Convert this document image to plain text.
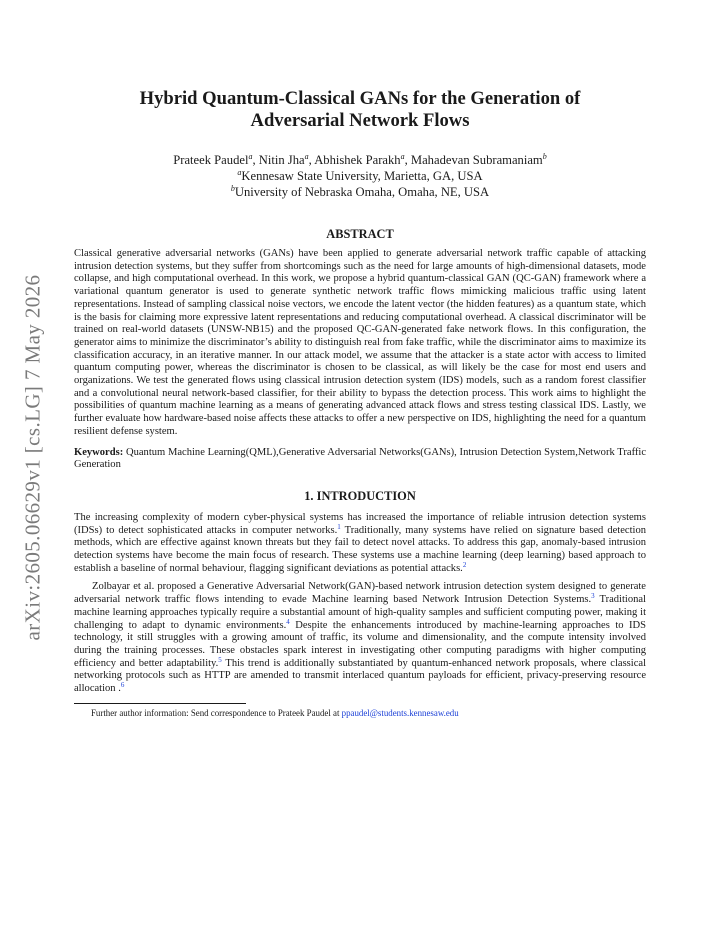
arXiv:2605.06629v1 [cs.LG] 7 May 2026
Hybrid Quantum-Classical GANs for the Generation of
Adversarial Network Flows
Prateek Paudel$^a$, Nitin Jha$^a$, Abhishek Parakh$^a$, Mahadevan Subramaniam$^b$
$^a$Kennesaw State University, Marietta, GA, USA
$^b$University of Nebraska Omaha, Omaha, NE, USA
ABSTRACT

Classical generative adversarial networks (GANs) have been applied to generate adversarial network traffic capable of attacking intrusion detection systems, but they suffer from shortcomings such as the need for large amounts of high-dimensional datasets, mode collapse, and high computational overhead. In this work, we propose a hybrid quantum-classical GAN (QC-GAN) framework where a variational quantum generator is used to generate synthetic network traffic flows mimicking malicious traffic using latent representations. Instead of sampling classical noise vectors, we encode the latent vector (the hidden features) as a quantum state, which is the basis for claiming more expressive latent representations and reducing computational overhead. A classical discriminator will be trained on real-world datasets (UNSW-NB15) and the proposed QC-GAN-generated fake network flows. In this configuration, the generator aims to minimize the discriminator’s ability to distinguish real from fake traffic, while the discriminator aims to maximize its classification accuracy, in an iterative manner. In our attack model, we assume that the attacker is a state actor with access to limited quantum computing power, whereas the discriminator is chosen to be classical, as will likely be the case for most end users and organizations. We test the generated flows using classical intrusion detection system (IDS) models, such as a random forest classifier and a convolutional neural network-based classifier, for their ability to bypass the detection process. This work aims to highlight the possibilities of quantum machine learning as a means of generating advanced attack flows and stress testing classical IDS. Lastly, we further evaluate how hardware-based noise affects these attacks to offer a new perspective on IDS, highlighting the need for a quantum resilient defense system.

Keywords: Quantum Machine Learning(QML),Generative Adversarial Networks(GANs), Intrusion Detection System,Network Traffic Generation

1. INTRODUCTION

The increasing complexity of modern cyber-physical systems has increased the importance of reliable intrusion detection systems (IDSs) to detect sophisticated attacks in computer networks.$^1$ Traditionally, many systems have relied on signature based detection methods, which are effective against known threats but they fail to detect novel attacks. To address this gap, anomaly-based intrusion detection systems have become the main focus of research. These systems use a machine learning (deep learning) based approach to establish a baseline of normal behaviour, flagging significant deviations as potential attacks.$^2$

Zolbayar et al. proposed a Generative Adversarial Network(GAN)-based network intrusion detection system designed to generate adversarial network traffic flows intending to evade Machine learning based Network Intrusion Detection Systems.$^3$ Traditional machine learning approaches typically require a substantial amount of high-quality samples and sufficient computing power, making it challenging to adapt to dynamic environments.$^4$ Despite the enhancements introduced by machine-learning approaches to IDS technology, it still struggles with a growing amount of traffic, its volume and dimensionality, and the compute intensity involved during the training processes. These obstacles spark interest in investigating other computing paradigms with higher computing efficiency and better adaptability.$^5$ This trend is additionally substantiated by quantum-enhanced network proposals, where classical networking protocols such as HTTP are amended to transmit interlaced quantum payloads for efficient, privacy-preserving resource allocation .$^6$

Further author information: Send correspondence to Prateek Paudel at ppaudel@students.kennesaw.edu
